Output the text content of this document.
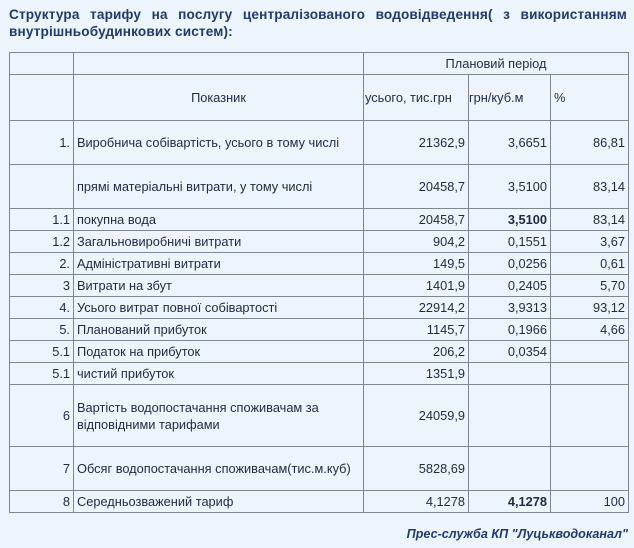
Структура тарифу на послугу централізованого водовідведення( з використанням внутрішньобудинкових систем):
		Плановий період		
	Показник	усього, тис.грн	грн/куб.м	%
1.	Виробнича собівартість, усього в тому числі	21362,9	3,6651	86,81
	прямі матеріальні витрати, у тому числі	20458,7	3,5100	83,14
1.1	покупна вода	20458,7	3,5100	83,14
1.2	Загальновиробничі витрати	904,2	0,1551	3,67
2.	Адміністративні витрати	149,5	0,0256	0,61
3	Витрати на збут	1401,9	0,2405	5,70
4.	Усього витрат повної собівартості	22914,2	3,9313	93,12
5.	Планований прибуток	1145,7	0,1966	4,66
5.1	Податок на прибуток	206,2	0,0354	
5.1	чистий прибуток	1351,9		
6	Вартість водопостачання споживачам за відповідними тарифами	24059,9		
7	Обсяг водопостачання споживачам(тис.м.куб)	5828,69		
8	Середньозважений тариф	4,1278	4,1278	100
Прес-служба КП "Луцькводоканал"
